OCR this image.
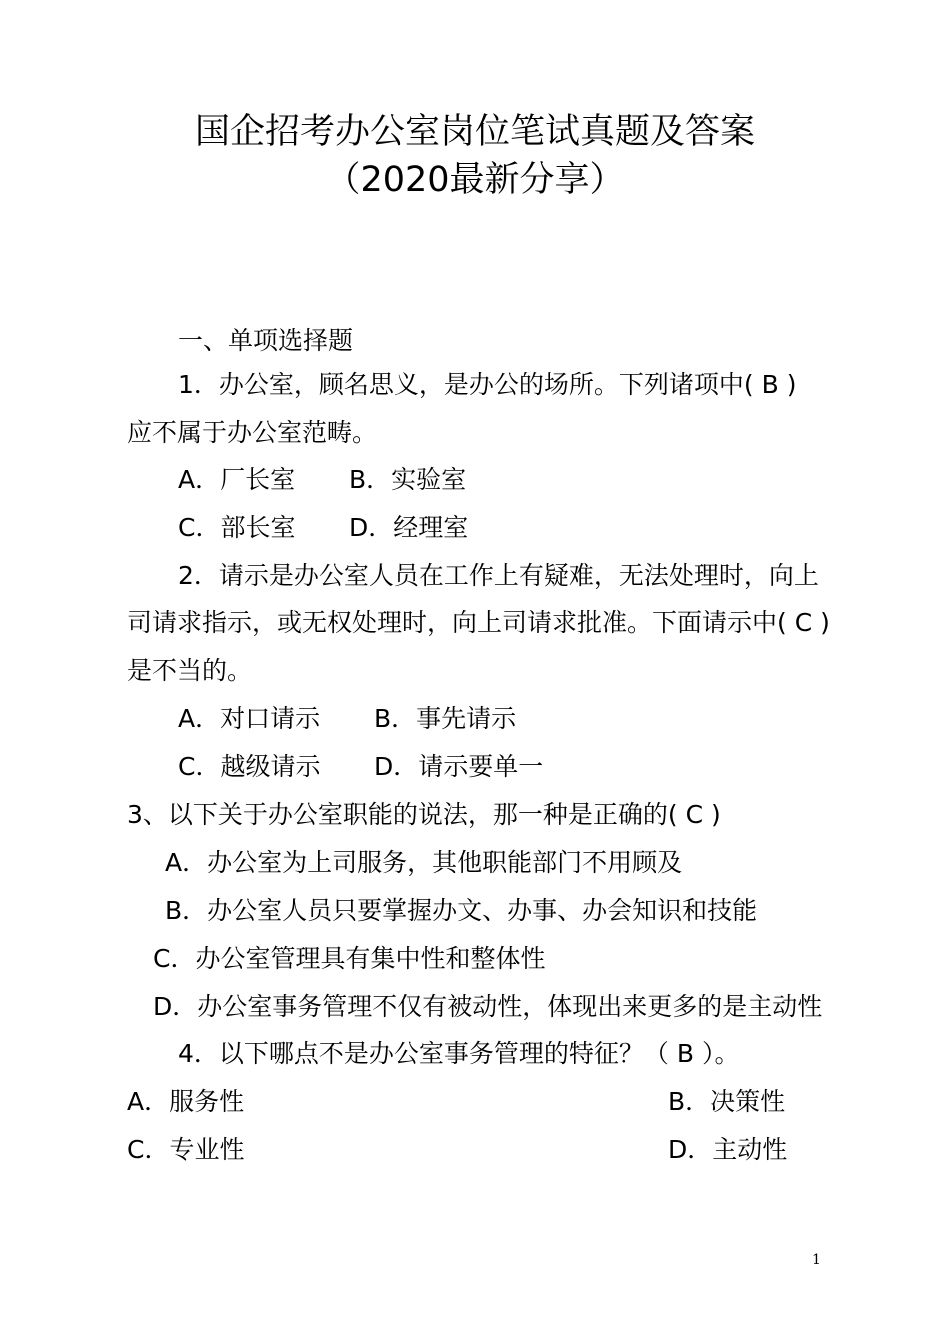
国企招考办公室岗位笔试真题及答案
（2020最新分享）
一、单项选择题
1．办公室，顾名思义，是办公的场所。下列诸项中( B )
应不属于办公室范畴。
A．厂长室 B．实验室
C．部长室 D．经理室
2．请示是办公室人员在工作上有疑难，无法处理时，向上
司请求指示，或无权处理时，向上司请求批准。下面请示中( C )
是不当的。
A．对口请示 B．事先请示
C．越级请示 D．请示要单一
3、以下关于办公室职能的说法，那一种是正确的( C )
A．办公室为上司服务，其他职能部门不用顾及
B．办公室人员只要掌握办文、办事、办会知识和技能
C．办公室管理具有集中性和整体性
D．办公室事务管理不仅有被动性，体现出来更多的是主动性
4．以下哪点不是办公室事务管理的特征？（ B ）。
A．服务性	B．决策性
C．专业性	D．主动性
1
